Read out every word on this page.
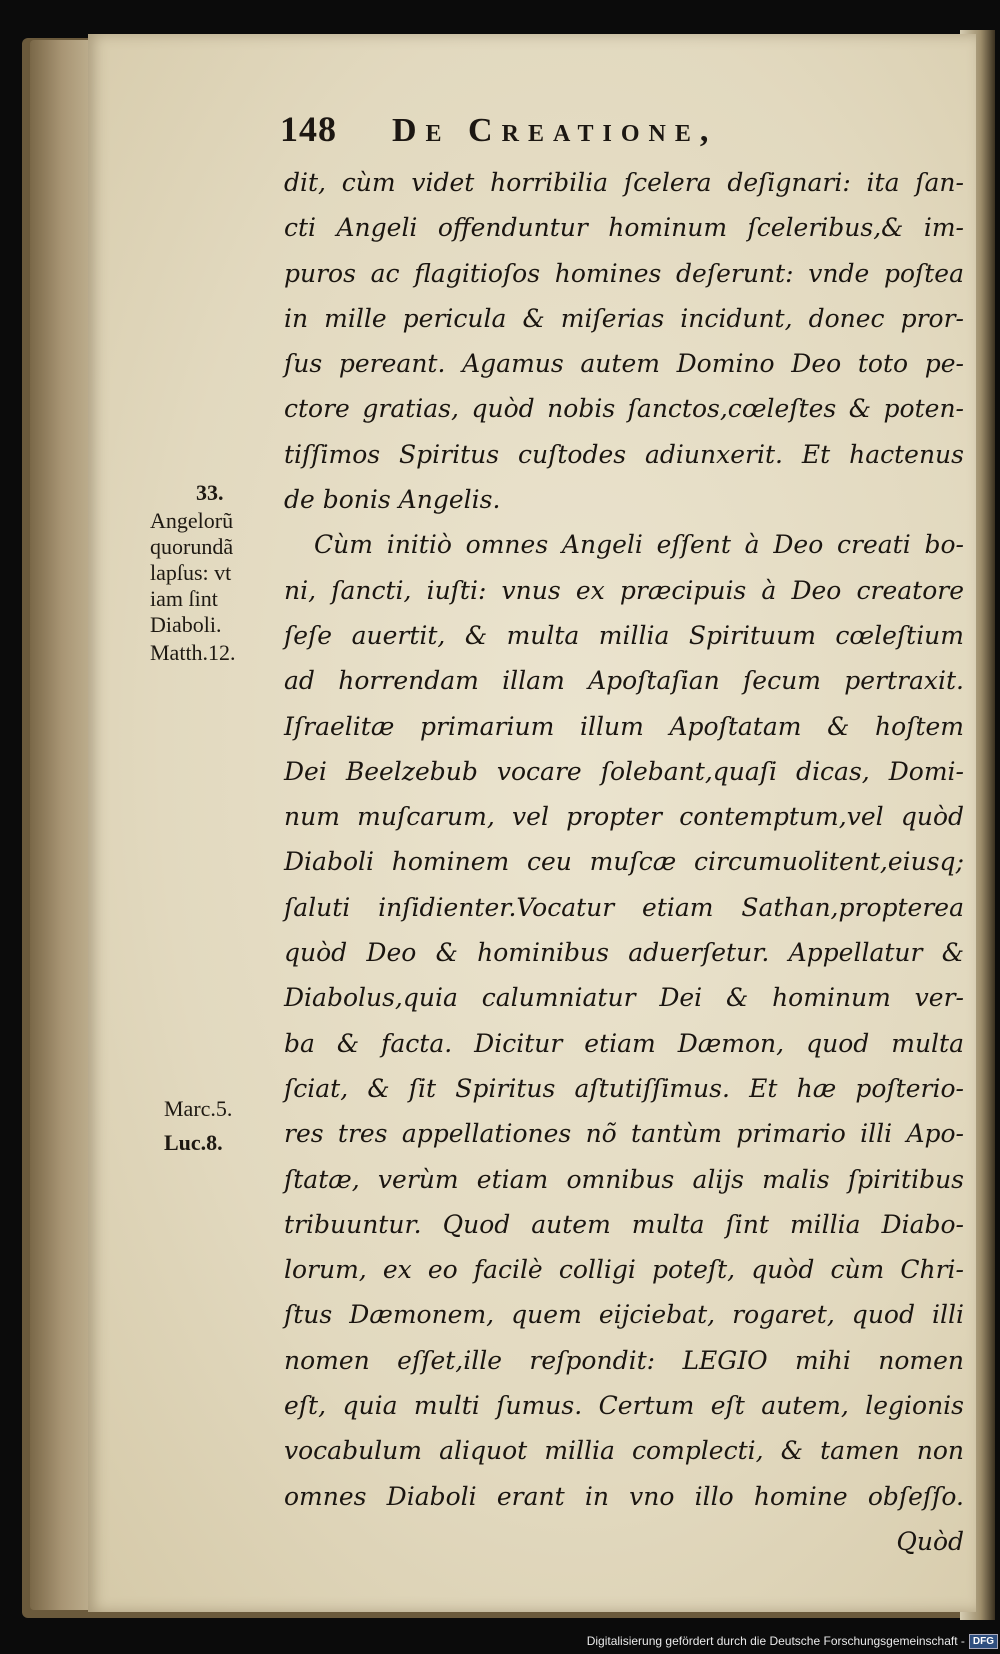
148 De Creatione,
dit, cùm videt horribilia ſcelera deſignari: ita ſan-
cti Angeli offenduntur hominum ſceleribus,& im-
puros ac flagitioſos homines deſerunt: vnde poſtea
in mille pericula & miſerias incidunt, donec pror-
ſus pereant. Agamus autem Domino Deo toto pe-
ctore gratias, quòd nobis ſanctos,cœleſtes & poten-
tiſſimos Spiritus cuſtodes adiunxerit. Et hactenus
de bonis Angelis.
Cùm initiò omnes Angeli eſſent à Deo creati bo-
ni, ſancti, iuſti: vnus ex præcipuis à Deo creatore
ſeſe auertit, & multa millia Spirituum cœleſtium
ad horrendam illam Apoſtaſian ſecum pertraxit.
Iſraelitæ primarium illum Apoſtatam & hoſtem
Dei Beelzebub vocare ſolebant,quaſi dicas, Domi-
num muſcarum, vel propter contemptum,vel quòd
Diaboli hominem ceu muſcæ circumuolitent,eiusq;
ſaluti inſidienter.Vocatur etiam Sathan,propterea
quòd Deo & hominibus aduerſetur. Appellatur &
Diabolus,quia calumniatur Dei & hominum ver-
ba & facta. Dicitur etiam Dæmon, quod multa
ſciat, & ſit Spiritus aſtutiſſimus. Et hæ poſterio-
res tres appellationes nõ tantùm primario illi Apo-
ſtatæ, verùm etiam omnibus alijs malis ſpiritibus
tribuuntur. Quod autem multa ſint millia Diabo-
lorum, ex eo facilè colligi poteſt, quòd cùm Chri-
ſtus Dæmonem, quem eijciebat, rogaret, quod illi
nomen eſſet,ille reſpondit: LEGIO mihi nomen
eſt, quia multi ſumus. Certum eſt autem, legionis
vocabulum aliquot millia complecti, & tamen non
omnes Diaboli erant in vno illo homine obſeſſo.
Quòd
33.
Angelorũ
quorundã
lapſus: vt
iam ſint
Diaboli.
Matth.12.
Marc.5.
Luc.8.
Digitalisierung gefördert durch die Deutsche Forschungsgemeinschaft - DFG
